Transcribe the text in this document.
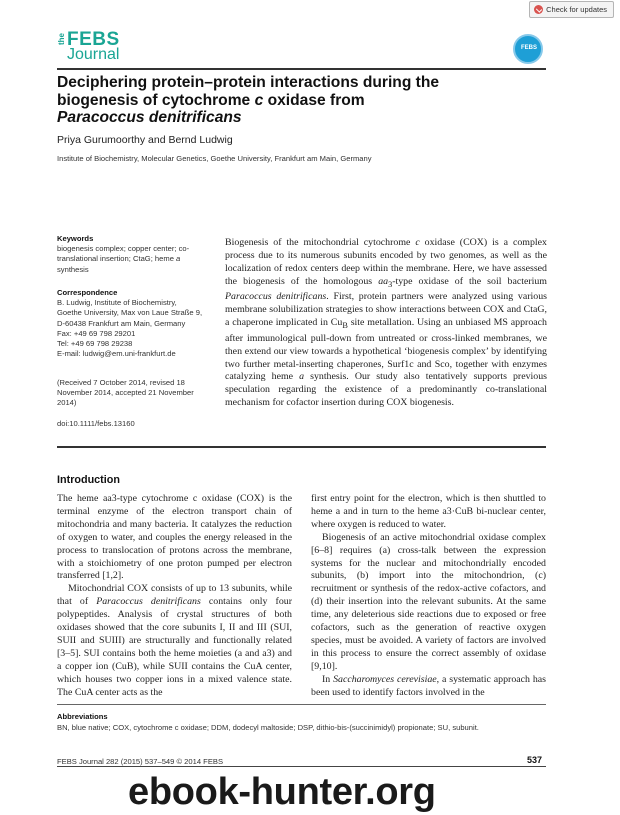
Check for updates
the FEBS
Journal
FEBS
Deciphering protein–protein interactions during the
biogenesis of cytochrome c oxidase from
Paracoccus denitrificans
Priya Gurumoorthy and Bernd Ludwig
Institute of Biochemistry, Molecular Genetics, Goethe University, Frankfurt am Main, Germany
Keywords
biogenesis complex; copper center; co-
translational insertion; CtaG; heme a
synthesis
Correspondence
B. Ludwig, Institute of Biochemistry,
Goethe University, Max von Laue Straße 9,
D-60438 Frankfurt am Main, Germany
Fax: +49 69 798 29201
Tel: +49 69 798 29238
E-mail: ludwig@em.uni-frankfurt.de
(Received 7 October 2014, revised 18
November 2014, accepted 21 November
2014)
doi:10.1111/febs.13160
Biogenesis of the mitochondrial cytochrome c oxidase (COX) is a complex process due to its numerous subunits encoded by two genomes, as well as the localization of redox centers deep within the membrane. Here, we have assessed the biogenesis of the homologous $aa_3$-type oxidase of the soil bacterium Paracoccus denitrificans. First, protein partners were analyzed using various membrane solubilization strategies to show interactions between COX and CtaG, a chaperone implicated in $Cu_B$ site metallation. Using an unbiased MS approach after immunological pull-down from untreated or cross-linked membranes, we then extend our view towards a hypothetical ‘biogenesis complex’ by identifying two further metal-inserting chaperones, Surf1c and Sco, together with enzymes catalyzing heme a synthesis. Our study also tentatively supports previous speculation regarding the existence of a predominantly co-translational mechanism for cofactor insertion during COX biogenesis.
Introduction

The heme aa3-type cytochrome c oxidase (COX) is the terminal enzyme of the electron transport chain of mitochondria and many bacteria. It catalyzes the reduction of oxygen to water, and couples the energy released in the process to translocation of protons across the membrane, with a stoichiometry of one proton pumped per electron transferred [1,2].

Mitochondrial COX consists of up to 13 subunits, while that of Paracoccus denitrificans contains only four polypeptides. Analysis of crystal structures of both oxidases showed that the core subunits I, II and III (SUI, SUII and SUIII) are structurally and functionally related [3–5]. SUI contains both the heme moieties (a and a3) and a copper ion (CuB), while SUII contains the CuA center, which houses two copper ions in a mixed valence state. The CuA center acts as the

first entry point for the electron, which is then shuttled to heme a and in turn to the heme a3·CuB bi-nuclear center, where oxygen is reduced to water.

Biogenesis of an active mitochondrial oxidase complex [6–8] requires (a) cross-talk between the expression systems for the nuclear and mitochondrially encoded subunits, (b) import into the mitochondrion, (c) recruitment or synthesis of the redox-active cofactors, and (d) their insertion into the relevant subunits. At the same time, any deleterious side reactions due to exposed or free cofactors, such as the generation of reactive oxygen species, must be avoided. A variety of factors are involved in this process to ensure the correct assembly of oxidase [9,10].

In Saccharomyces cerevisiae, a systematic approach has been used to identify factors involved in the

Abbreviations
BN, blue native; COX, cytochrome c oxidase; DDM, dodecyl maltoside; DSP, dithio-bis-(succinimidyl) propionate; SU, subunit.
FEBS Journal 282 (2015) 537–549 © 2014 FEBS	537
ebook-hunter.org
